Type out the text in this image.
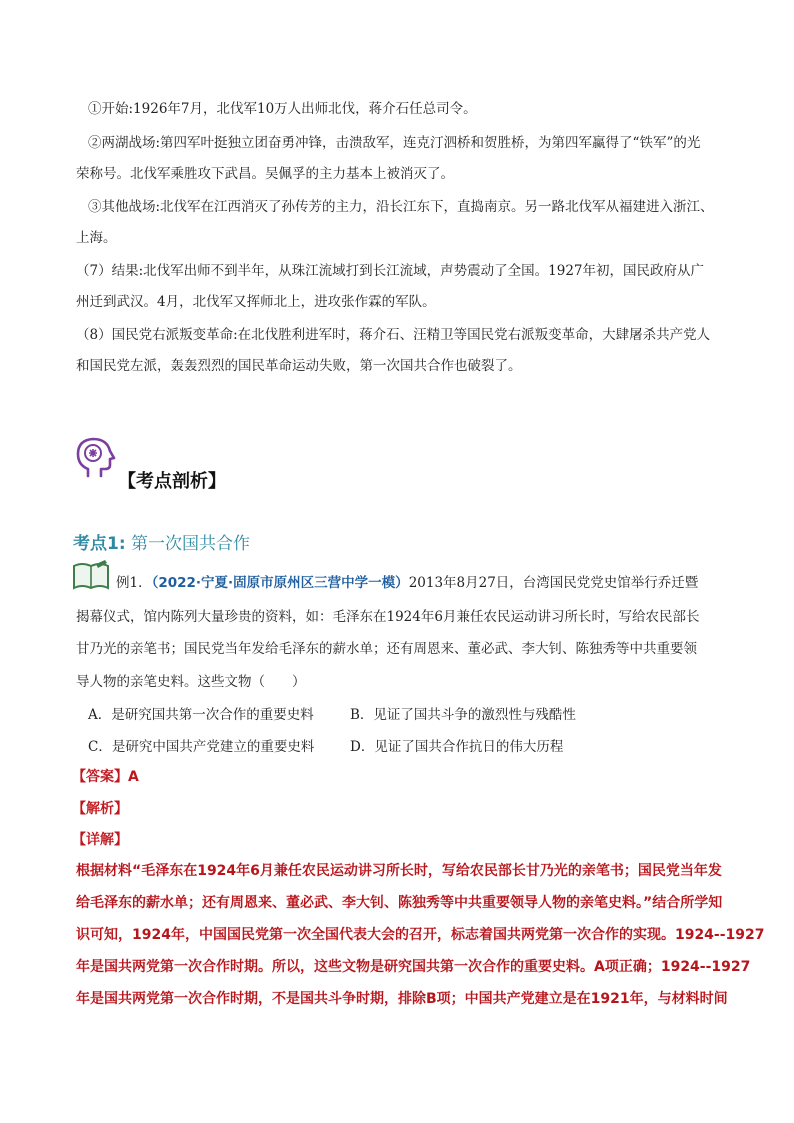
①开始:1926年7月，北伐军10万人出师北伐，蒋介石任总司令。
②两湖战场:第四军叶挺独立团奋勇冲锋，击溃敌军，连克汀泗桥和贺胜桥，为第四军赢得了“铁军”的光
荣称号。北伐军乘胜攻下武昌。吴佩孚的主力基本上被消灭了。
③其他战场:北伐军在江西消灭了孙传芳的主力，沿长江东下，直捣南京。另一路北伐军从福建进入浙江、
上海。
（7）结果:北伐军出师不到半年，从珠江流域打到长江流域，声势震动了全国。1927年初，国民政府从广
州迁到武汉。4月，北伐军又挥师北上，进攻张作霖的军队。
（8）国民党右派叛变革命:在北伐胜利进军时，蒋介石、汪精卫等国民党右派叛变革命，大肆屠杀共产党人
和国民党左派，轰轰烈烈的国民革命运动失败，第一次国共合作也破裂了。
【考点剖析】
考点1: 第一次国共合作
例1．（2022·宁夏·固原市原州区三营中学一模）2013年8月27日，台湾国民党党史馆举行乔迁暨
揭幕仪式，馆内陈列大量珍贵的资料，如：毛泽东在1924年6月兼任农民运动讲习所长时，写给农民部长
甘乃光的亲笔书；国民党当年发给毛泽东的薪水单；还有周恩来、董必武、李大钊、陈独秀等中共重要领
导人物的亲笔史料。这些文物（　　）
A．是研究国共第一次合作的重要史料	B．见证了国共斗争的激烈性与残酷性
C．是研究中国共产党建立的重要史料	D．见证了国共合作抗日的伟大历程
【答案】A
【解析】
【详解】
根据材料“毛泽东在1924年6月兼任农民运动讲习所长时，写给农民部长甘乃光的亲笔书；国民党当年发
给毛泽东的薪水单；还有周恩来、董必武、李大钊、陈独秀等中共重要领导人物的亲笔史料。”结合所学知
识可知，1924年，中国国民党第一次全国代表大会的召开，标志着国共两党第一次合作的实现。1924--1927
年是国共两党第一次合作时期。所以，这些文物是研究国共第一次合作的重要史料。A项正确；1924--1927
年是国共两党第一次合作时期，不是国共斗争时期，排除B项；中国共产党建立是在1921年，与材料时间
